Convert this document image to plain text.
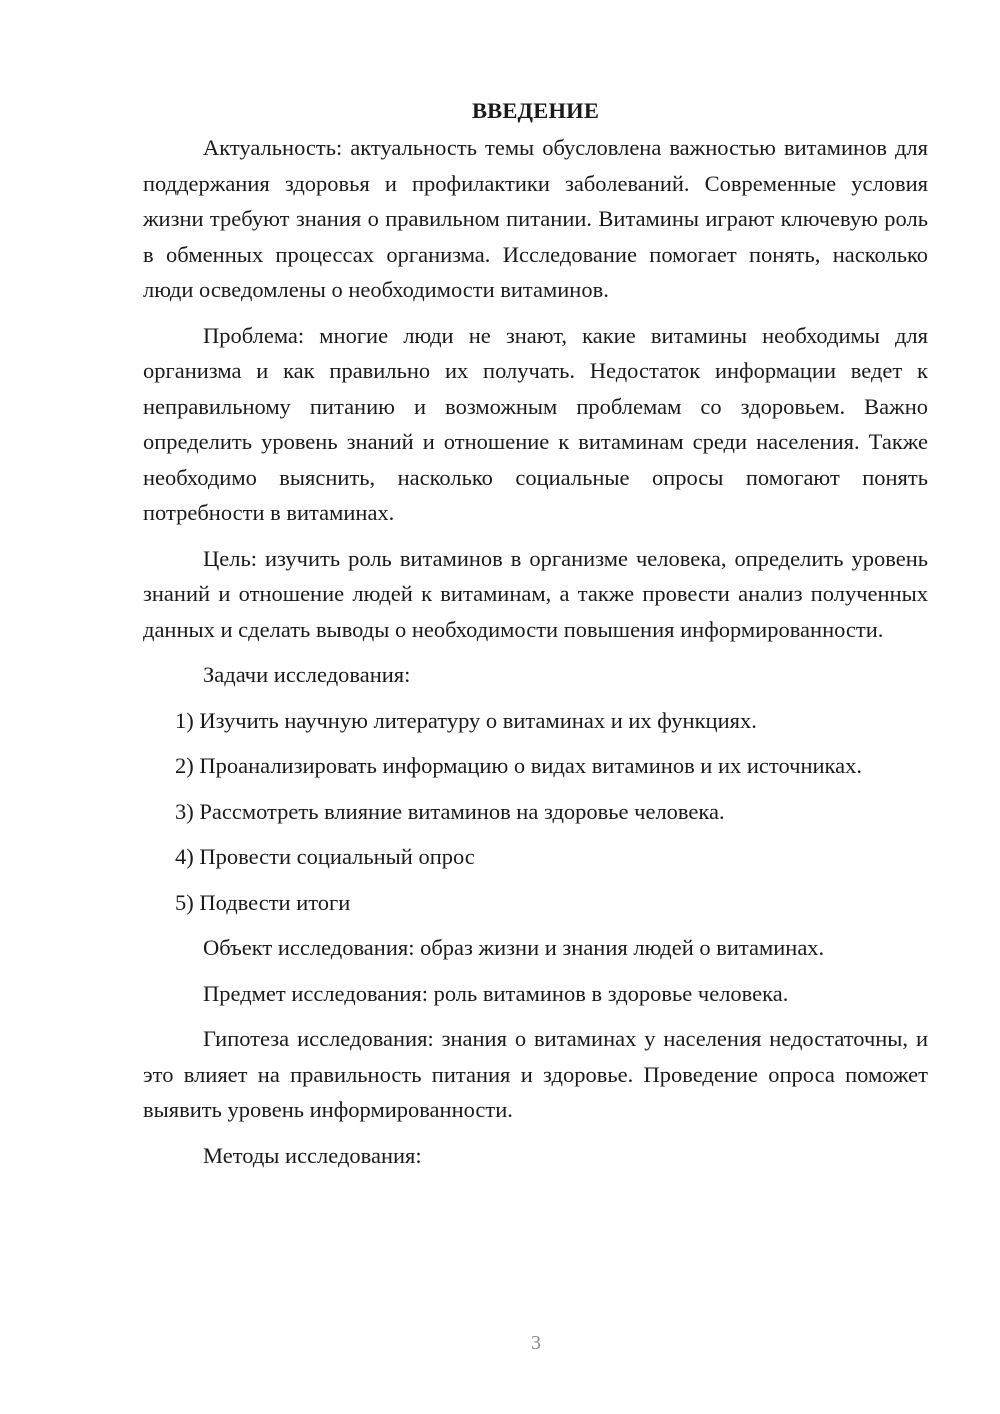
ВВЕДЕНИЕ

Актуальность: актуальность темы обусловлена важностью витаминов для поддержания здоровья и профилактики заболеваний. Современные условия жизни требуют знания о правильном питании. Витамины играют ключевую роль в обменных процессах организма. Исследование помогает понять, насколько люди осведомлены о необходимости витаминов.

Проблема: многие люди не знают, какие витамины необходимы для организма и как правильно их получать. Недостаток информации ведет к неправильному питанию и возможным проблемам со здоровьем. Важно определить уровень знаний и отношение к витаминам среди населения. Также необходимо выяснить, насколько социальные опросы помогают понять потребности в витаминах.

Цель: изучить роль витаминов в организме человека, определить уровень знаний и отношение людей к витаминам, а также провести анализ полученных данных и сделать выводы о необходимости повышения информированности.

Задачи исследования:

1) Изучить научную литературу о витаминах и их функциях.

2) Проанализировать информацию о видах витаминов и их источниках.

3) Рассмотреть влияние витаминов на здоровье человека.

4) Провести социальный опрос

5) Подвести итоги

Объект исследования: образ жизни и знания людей о витаминах.

Предмет исследования: роль витаминов в здоровье человека.

Гипотеза исследования: знания о витаминах у населения недостаточны, и это влияет на правильность питания и здоровье. Проведение опроса поможет выявить уровень информированности.

Методы исследования:

3
